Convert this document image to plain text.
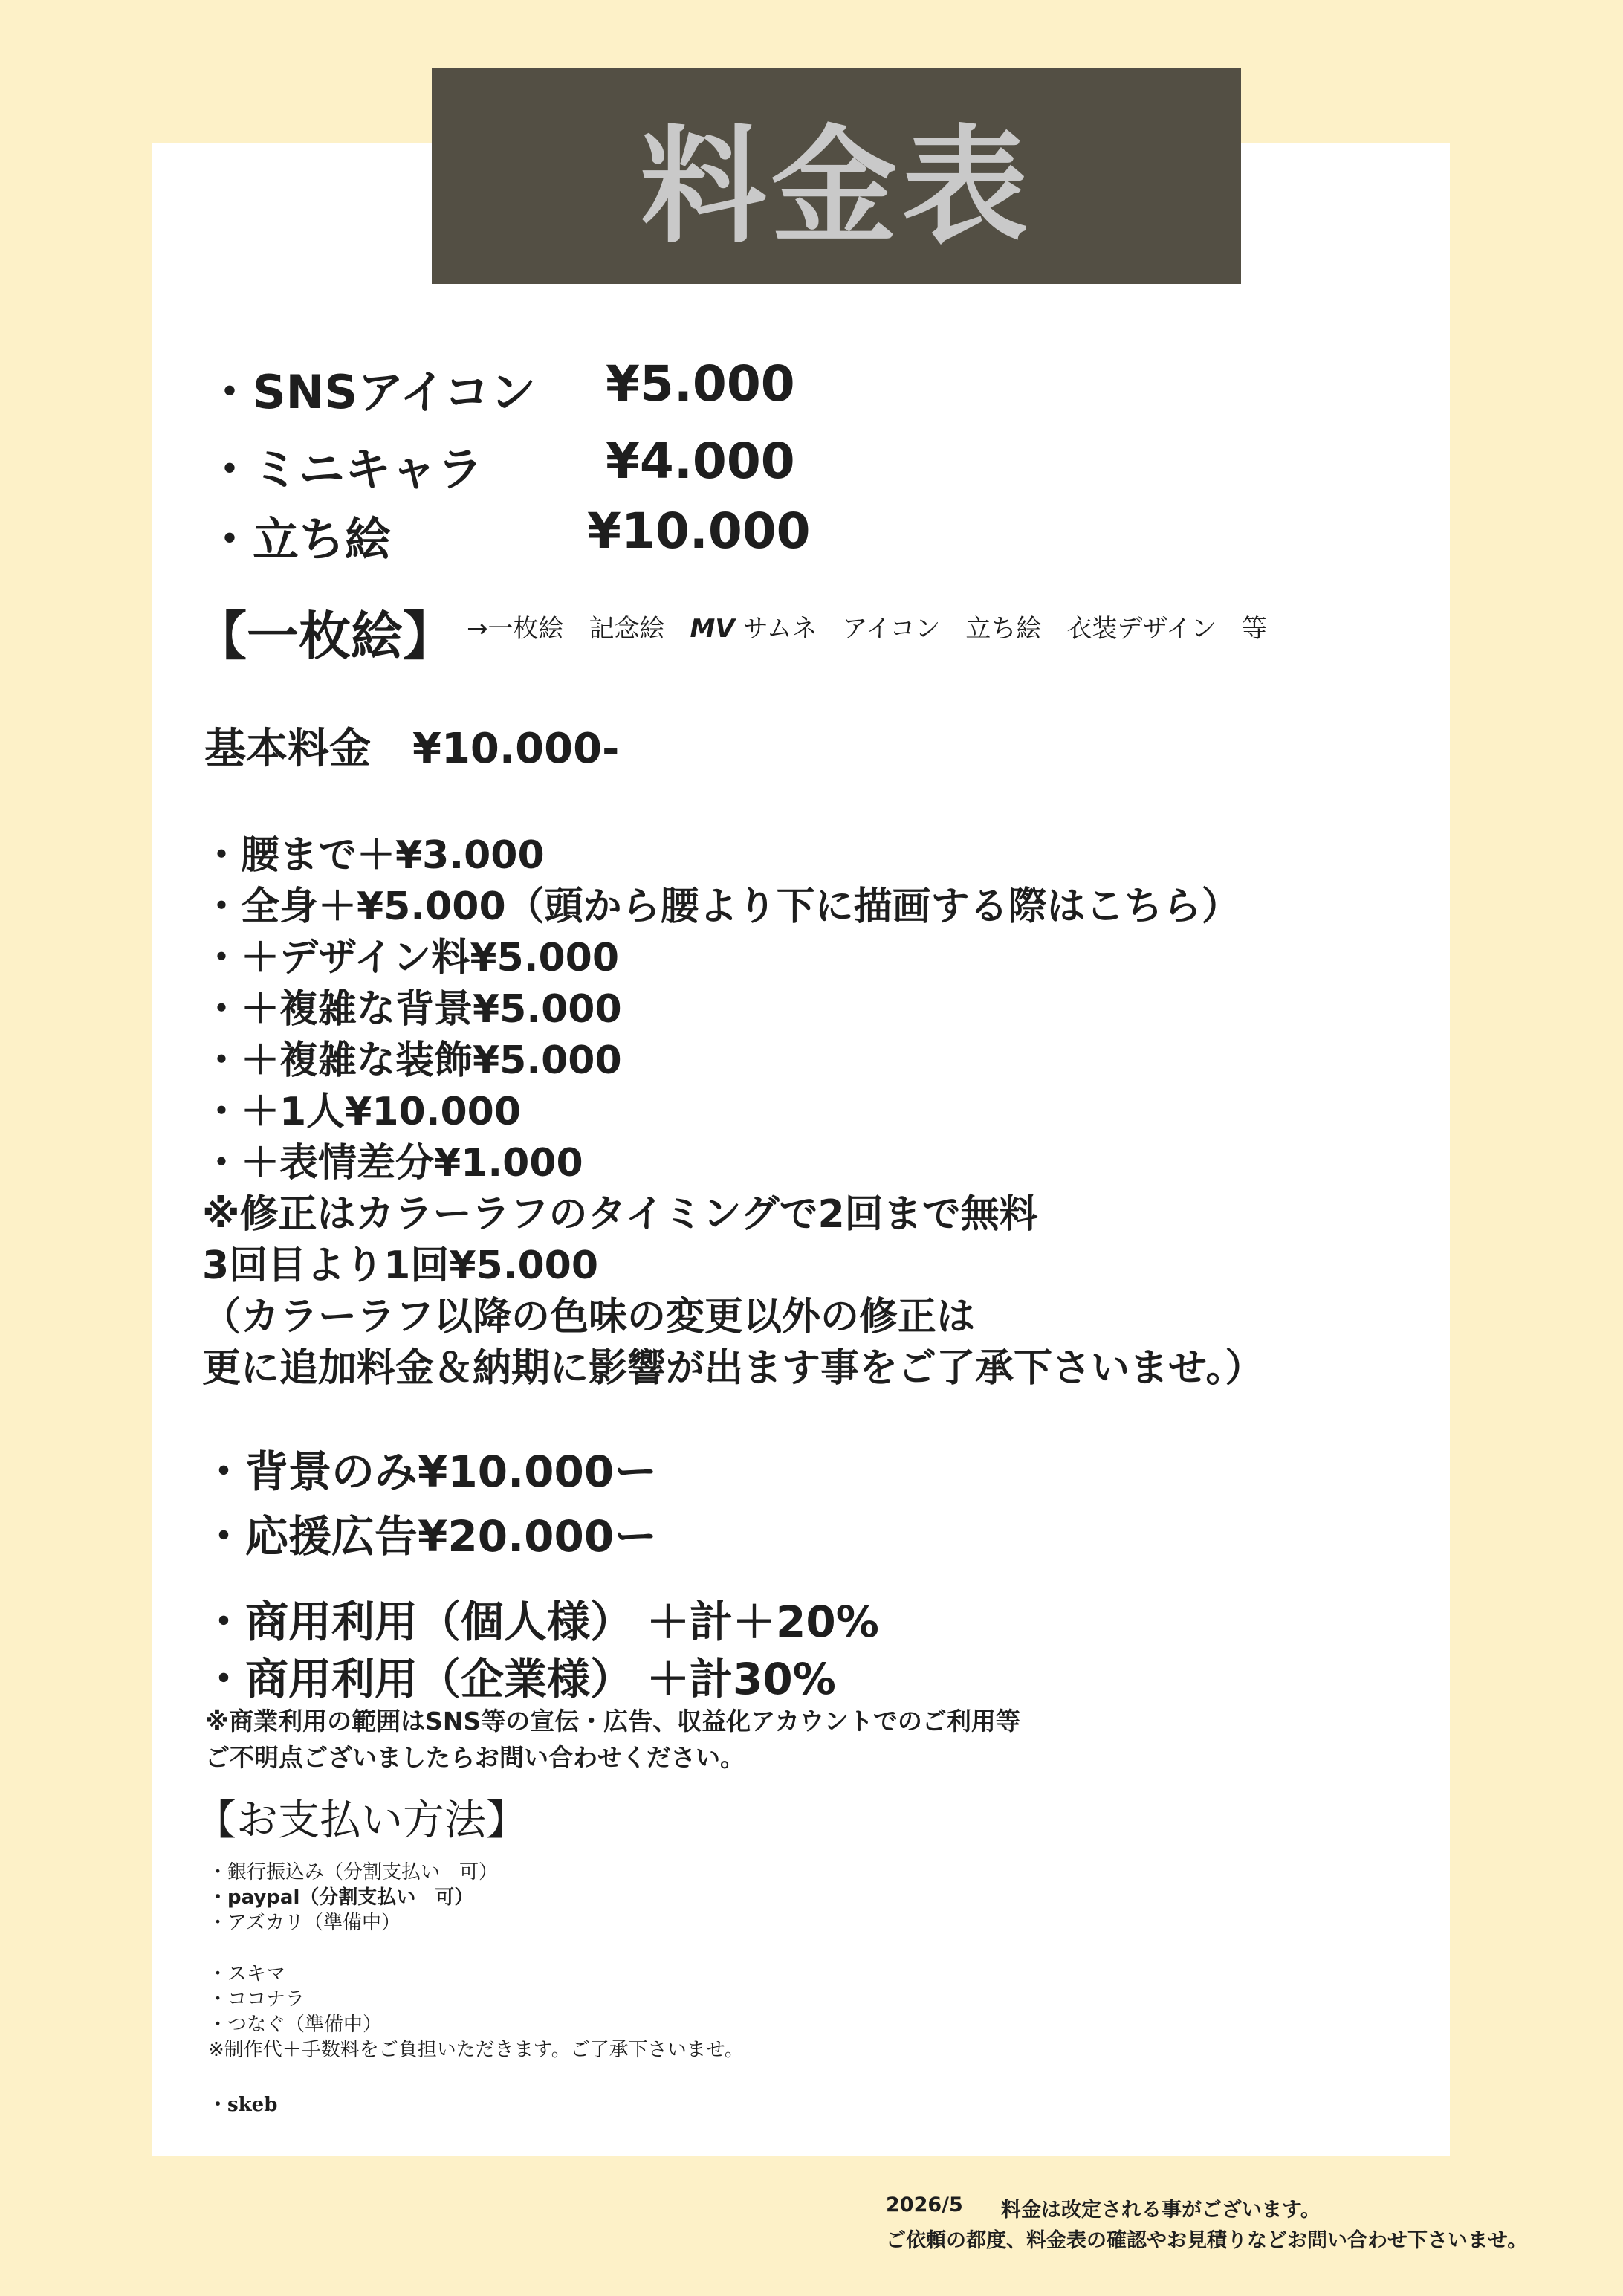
料金表
・SNSアイコン ¥5.000
・ミニキャラ ¥4.000
・立ち絵	¥10.000
【一枚絵】 →一枚絵　記念絵　MV サムネ　アイコン　立ち絵　衣装デザイン　等
基本料金　¥10.000-
・腰まで＋¥3.000
・全身＋¥5.000（頭から腰より下に描画する際はこちら）
・＋デザイン料¥5.000
・＋複雑な背景¥5.000
・＋複雑な装飾¥5.000
・＋1人¥10.000
・＋表情差分¥1.000
※修正はカラーラフのタイミングで2回まで無料
3回目より1回¥5.000
（カラーラフ以降の色味の変更以外の修正は
更に追加料金＆納期に影響が出ます事をご了承下さいませ。）
・背景のみ¥10.000ー
・応援広告¥20.000ー
・商用利用（個人様） ＋計＋20%
・商用利用（企業様） ＋計30%
※商業利用の範囲はSNS等の宣伝・広告、収益化アカウントでのご利用等
ご不明点ございましたらお問い合わせください。
【お支払い方法】
・銀行振込み（分割支払い　可）
・paypal（分割支払い　可）
・アズカリ（準備中）
・スキマ
・ココナラ
・つなぐ（準備中）
※制作代＋手数料をご負担いただきます。ご了承下さいませ。
・skeb
2026/5 料金は改定される事がございます。
ご依頼の都度、料金表の確認やお見積りなどお問い合わせ下さいませ。
